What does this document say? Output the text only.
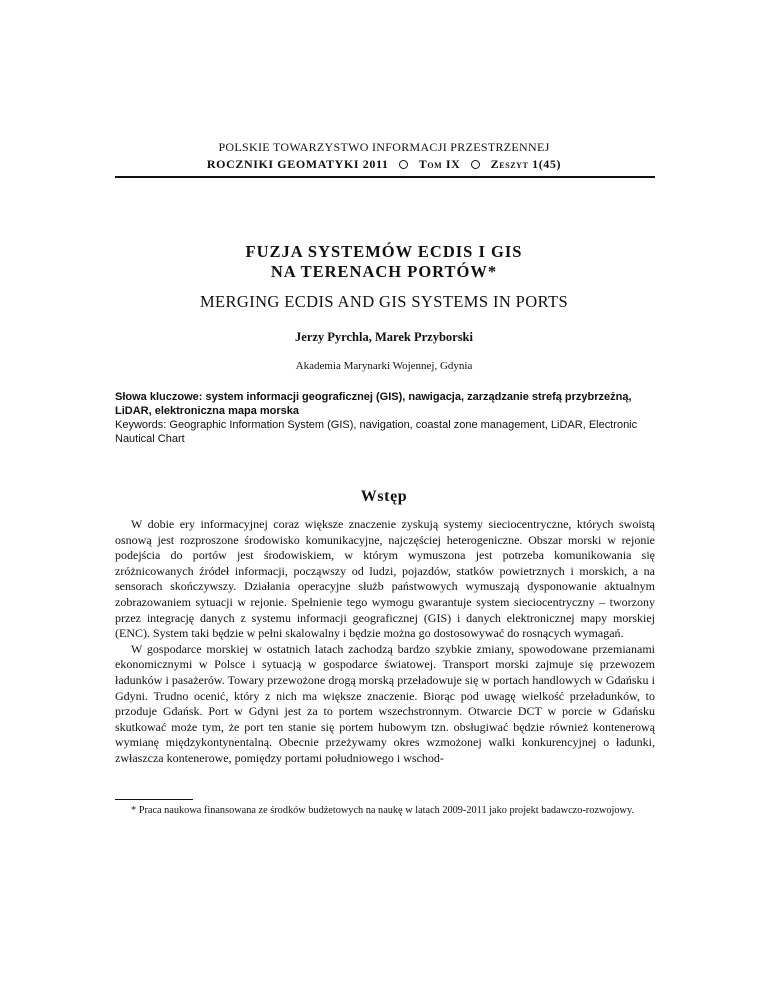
POLSKIE TOWARZYSTWO INFORMACJI PRZESTRZENNEJ
ROCZNIKI GEOMATYKI 2011	Tom IX	Zeszyt 1(45)
FUZJA SYSTEMÓW ECDIS I GIS
NA TERENACH PORTÓW*
MERGING ECDIS AND GIS SYSTEMS IN PORTS
Jerzy Pyrchla, Marek Przyborski
Akademia Marynarki Wojennej, Gdynia
Słowa kluczowe: system informacji geograficznej (GIS), nawigacja, zarządzanie strefą przybrzeżną, LiDAR, elektroniczna mapa morska
Keywords: Geographic Information System (GIS), navigation, coastal zone management, LiDAR, Electronic Nautical Chart
Wstęp

W dobie ery informacyjnej coraz większe znaczenie zyskują systemy sieciocentryczne, których swoistą osnową jest rozproszone środowisko komunikacyjne, najczęściej heterogeniczne. Obszar morski w rejonie podejścia do portów jest środowiskiem, w którym wymuszona jest potrzeba komunikowania się zróżnicowanych źródeł informacji, począwszy od ludzi, pojazdów, statków powietrznych i morskich, a na sensorach skończywszy. Działania operacyjne służb państwowych wymuszają dysponowanie aktualnym zobrazowaniem sytuacji w rejonie. Spełnienie tego wymogu gwarantuje system sieciocentryczny – tworzony przez integrację danych z systemu informacji geograficznej (GIS) i danych elektronicznej mapy morskiej (ENC). System taki będzie w pełni skalowalny i będzie można go dostosowywać do rosnących wymagań.

W gospodarce morskiej w ostatnich latach zachodzą bardzo szybkie zmiany, spowodowane przemianami ekonomicznymi w Polsce i sytuacją w gospodarce światowej. Transport morski zajmuje się przewozem ładunków i pasażerów. Towary przewożone drogą morską przeładowuje się w portach handlowych w Gdańsku i Gdyni. Trudno ocenić, który z nich ma większe znaczenie. Biorąc pod uwagę wielkość przeładunków, to przoduje Gdańsk. Port w Gdyni jest za to portem wszechstronnym. Otwarcie DCT w porcie w Gdańsku skutkować może tym, że port ten stanie się portem hubowym tzn. obsługiwać będzie również kontenerową wymianę międzykontynentalną. Obecnie przeżywamy okres wzmożonej walki konkurencyjnej o ładunki, zwłaszcza kontenerowe, pomiędzy portami południowego i wschod-

* Praca naukowa finansowana ze środków budżetowych na naukę w latach 2009-2011 jako projekt badawczo-rozwojowy.
